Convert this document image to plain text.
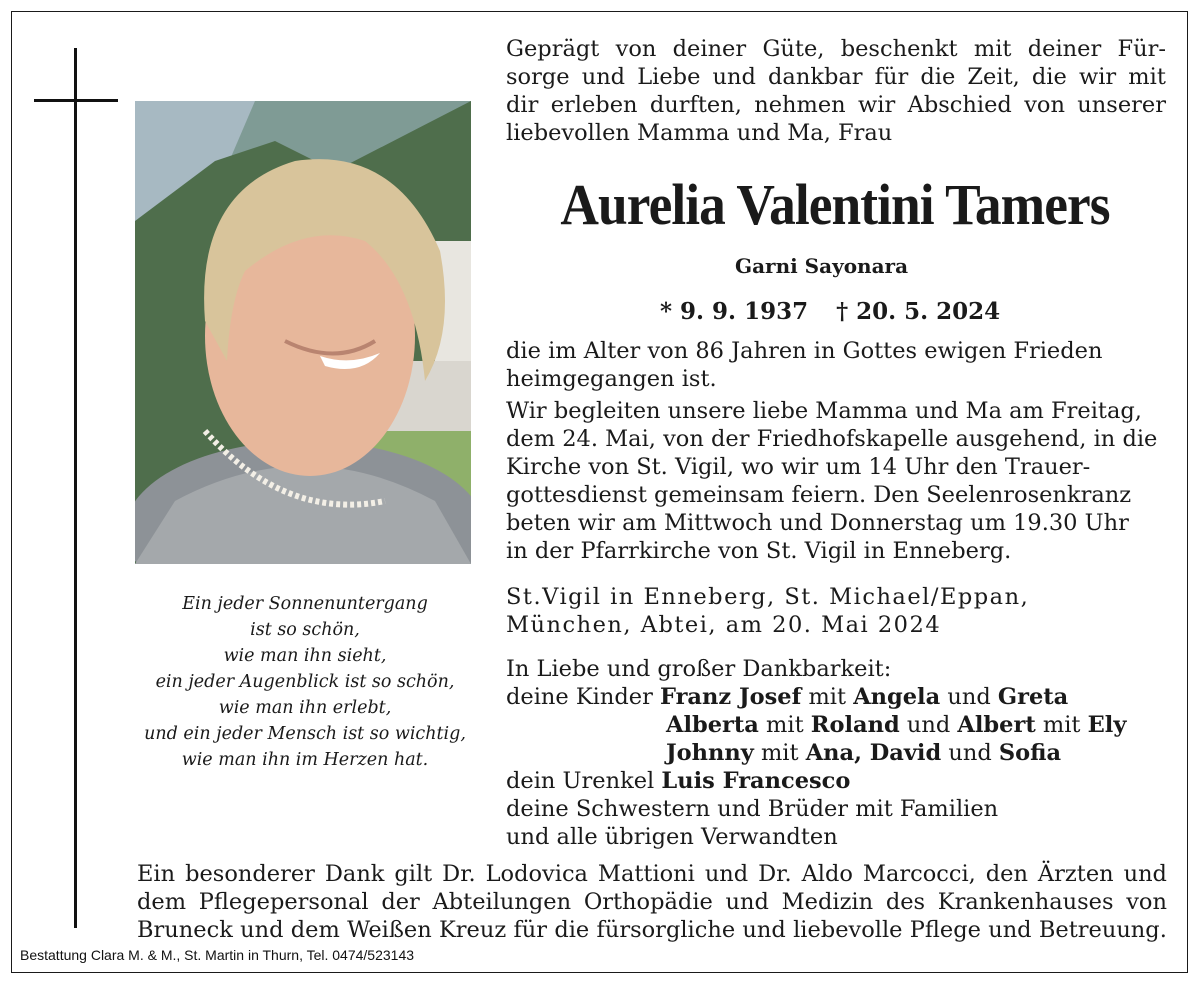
Ein jeder Sonnenuntergang
ist so schön,
wie man ihn sieht,
ein jeder Augenblick ist so schön,
wie man ihn erlebt,
und ein jeder Mensch ist so wichtig,
wie man ihn im Herzen hat.
Geprägt von deiner Güte, beschenkt mit deiner Für-
sorge und Liebe und dankbar für die Zeit, die wir mit
dir erleben durften, nehmen wir Abschied von unserer
liebevollen Mamma und Ma, Frau
Aurelia Valentini Tamers
Garni Sayonara
* 9. 9. 1937 † 20. 5. 2024
die im Alter von 86 Jahren in Gottes ewigen Frieden
heimgegangen ist.
Wir begleiten unsere liebe Mamma und Ma am Freitag,
dem 24. Mai, von der Friedhofskapelle ausgehend, in die
Kirche von St. Vigil, wo wir um 14 Uhr den Trauer-
gottesdienst gemeinsam feiern. Den Seelenrosenkranz
beten wir am Mittwoch und Donnerstag um 19.30 Uhr
in der Pfarrkirche von St. Vigil in Enneberg.
St.Vigil in Enneberg, St. Michael/Eppan,
München, Abtei, am 20. Mai 2024
In Liebe und großer Dankbarkeit:
deine Kinder Franz Josef mit Angela und Greta
Alberta mit Roland und Albert mit Ely
Johnny mit Ana, David und Sofia
dein Urenkel Luis Francesco
deine Schwestern und Brüder mit Familien
und alle übrigen Verwandten
Ein besonderer Dank gilt Dr. Lodovica Mattioni und Dr. Aldo Marcocci, den Ärzten und
dem Pflegepersonal der Abteilungen Orthopädie und Medizin des Krankenhauses von
Bruneck und dem Weißen Kreuz für die fürsorgliche und liebevolle Pflege und Betreuung.
Bestattung Clara M. & M., St. Martin in Thurn, Tel. 0474/523143
